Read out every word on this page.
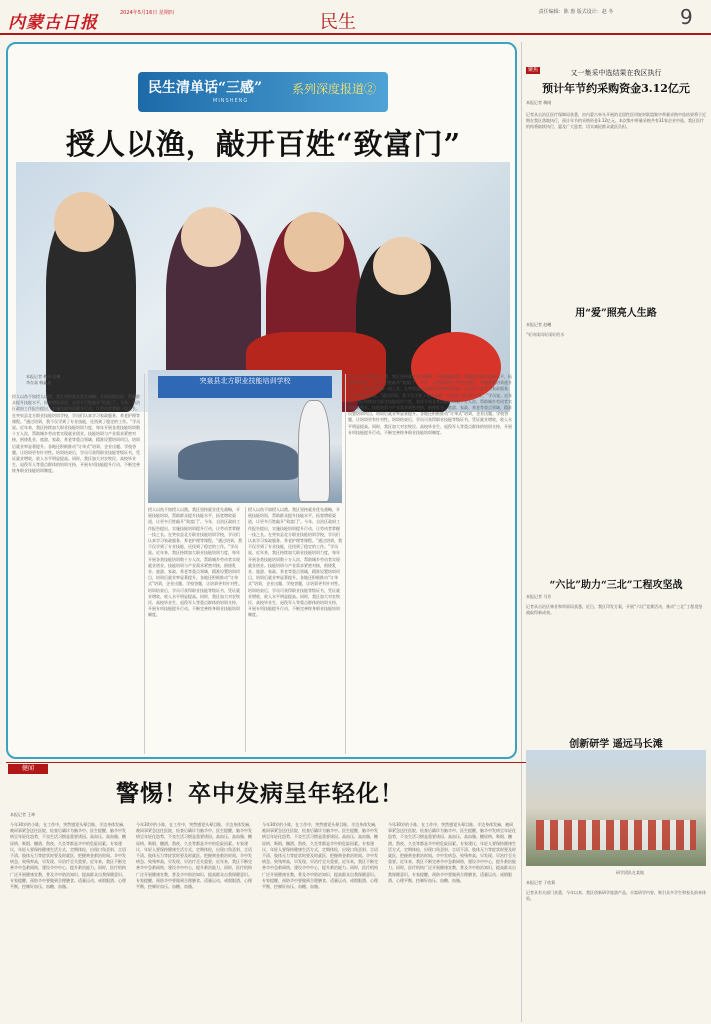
内蒙古日报	2024年5月16日 星期四	民生	责任编辑：陈 惠 版式设计：赵 冬	9
民生清单话“三感” 系列深度报道②
MINSHENG
授人以渔，敲开百姓“致富门”
本报记者 梅刚 赵曦
李存高 韩鑫鑫	突泉县北方职业技能培训学校
授人以鱼不如授人以渔。我区坚持就业优先战略，开展技能培训，帮助群众提升技能水平，拓宽增收渠道，让更多百姓敲开“致富门”。今年，自治区政府工作报告提出，实施技能培训提升行动，让劳动者掌握一技之长。在突泉县北方职业技能培训学校，学员们认真学习家政服务、养老护理等课程。“通过培训，我不仅学到了专业技能，还找到了稳定的工作。”学员说。近年来，我区持续加大职业技能培训力度，每年开展各类技能培训数十万人次，帮助城乡劳动者实现就业创业。技能培训与产业需求紧密对接，围绕乳业、旅游、家政、养老等重点领域，精准设置培训项目，培训后就业率显著提升。各地还积极推动“订单式”培训，企业出题、学校答题，让培训更有针对性。培训结束后，学员可获得职业技能等级证书，凭证就业增收，收入水平明显提高。同时，我区加大对农牧民、高校毕业生、退役军人等重点群体的培训支持，开展专项技能提升行动，不断完善终身职业技能培训制度。
授人以鱼不如授人以渔。我区坚持就业优先战略，开展技能培训，帮助群众提升技能水平，拓宽增收渠道，让更多百姓敲开“致富门”。今年，自治区政府工作报告提出，实施技能培训提升行动，让劳动者掌握一技之长。在突泉县北方职业技能培训学校，学员们认真学习家政服务、养老护理等课程。“通过培训，我不仅学到了专业技能，还找到了稳定的工作。”学员说。近年来，我区持续加大职业技能培训力度，每年开展各类技能培训数十万人次，帮助城乡劳动者实现就业创业。技能培训与产业需求紧密对接，围绕乳业、旅游、家政、养老等重点领域，精准设置培训项目，培训后就业率显著提升。各地还积极推动“订单式”培训，企业出题、学校答题，让培训更有针对性。培训结束后，学员可获得职业技能等级证书，凭证就业增收，收入水平明显提高。同时，我区加大对农牧民、高校毕业生、退役军人等重点群体的培训支持，开展专项技能提升行动，不断完善终身职业技能培训制度。
授人以鱼不如授人以渔。我区坚持就业优先战略，开展技能培训，帮助群众提升技能水平，拓宽增收渠道，让更多百姓敲开“致富门”。今年，自治区政府工作报告提出，实施技能培训提升行动，让劳动者掌握一技之长。在突泉县北方职业技能培训学校，学员们认真学习家政服务、养老护理等课程。“通过培训，我不仅学到了专业技能，还找到了稳定的工作。”学员说。近年来，我区持续加大职业技能培训力度，每年开展各类技能培训数十万人次，帮助城乡劳动者实现就业创业。技能培训与产业需求紧密对接，围绕乳业、旅游、家政、养老等重点领域，精准设置培训项目，培训后就业率显著提升。各地还积极推动“订单式”培训，企业出题、学校答题，让培训更有针对性。培训结束后，学员可获得职业技能等级证书，凭证就业增收，收入水平明显提高。同时，我区加大对农牧民、高校毕业生、退役军人等重点群体的培训支持，开展专项技能提升行动，不断完善终身职业技能培训制度。
授人以鱼不如授人以渔。我区坚持就业优先战略，开展技能培训，帮助群众提升技能水平，拓宽增收渠道，让更多百姓敲开“致富门”。今年，自治区政府工作报告提出，实施技能培训提升行动，让劳动者掌握一技之长。在突泉县北方职业技能培训学校，学员们认真学习家政服务、养老护理等课程。“通过培训，我不仅学到了专业技能，还找到了稳定的工作。”学员说。近年来，我区持续加大职业技能培训力度，每年开展各类技能培训数十万人次，帮助城乡劳动者实现就业创业。技能培训与产业需求紧密对接，围绕乳业、旅游、家政、养老等重点领域，精准设置培训项目，培训后就业率显著提升。各地还积极推动“订单式”培训，企业出题、学校答题，让培训更有针对性。培训结束后，学员可获得职业技能等级证书，凭证就业增收，收入水平明显提高。同时，我区加大对农牧民、高校毕业生、退役军人等重点群体的培训支持，开展专项技能提升行动，不断完善终身职业技能培训制度。
聚焦	又一集采中选结果在我区执行
预计年节约采购资金3.12亿元
本报记者 梅刚
记者从自治区医疗保障局获悉，由内蒙古牵头开展的全国性医用耗材联盟集中带量采购中选结果将于近期在我区落地执行，预计年节约采购资金3.12亿元。本次集中带量采购共有31家企业中选，我区医疗机构将陆续执行，惠及广大患者，切实减轻群众就医负担。
用“爱”照亮人生路
本报记者 赵曦
“好诗读风好雨好的水
“六比”助力“三北”工程攻坚战
本报记者 马芳
记者从自治区林业和草原局获悉，近日，我区印发方案，开展“六比”竞赛活动，推动“三北”工程攻坚战取得新成效。
创新研学 遥远马长滩
研学团队在某地
本报记者 于欣莉
记者从有关部门获悉，今年以来，我区创新研学旅游产品，丰富研学内容，吸引众多学生和家长前来体验。
健闻
警惕！卒中发病呈年轻化！
本报记者 王坤
今年30岁的小陈，在工作中，突然感觉头晕目眩、半边身体发麻，被同事紧急送往医院，检查后确诊为脑卒中。医生提醒，脑卒中发病呈年轻化趋势，不良生活习惯是重要诱因。高血压、高血脂、糖尿病、吸烟、酗酒、熬夜、久坐等都是卒中的危险因素。专家建议，年轻人要保持健康生活方式，定期体检，出现口角歪斜、言语不清、肢体无力等症状时要及时就医，把握黄金救治时间。卒中发病急、致残率高，早发现、早治疗至关重要。近年来，我区不断完善卒中急救网络，建设卒中中心，提升救治能力。同时，医疗机构广泛开展健康宣教，普及卒中防治知识，提高群众自我保健意识。专家提醒，预防卒中要做到合理膳食、适量运动、戒烟限酒、心理平衡，控制好血压、血糖、血脂。
今年30岁的小陈，在工作中，突然感觉头晕目眩、半边身体发麻，被同事紧急送往医院，检查后确诊为脑卒中。医生提醒，脑卒中发病呈年轻化趋势，不良生活习惯是重要诱因。高血压、高血脂、糖尿病、吸烟、酗酒、熬夜、久坐等都是卒中的危险因素。专家建议，年轻人要保持健康生活方式，定期体检，出现口角歪斜、言语不清、肢体无力等症状时要及时就医，把握黄金救治时间。卒中发病急、致残率高，早发现、早治疗至关重要。近年来，我区不断完善卒中急救网络，建设卒中中心，提升救治能力。同时，医疗机构广泛开展健康宣教，普及卒中防治知识，提高群众自我保健意识。专家提醒，预防卒中要做到合理膳食、适量运动、戒烟限酒、心理平衡，控制好血压、血糖、血脂。
今年30岁的小陈，在工作中，突然感觉头晕目眩、半边身体发麻，被同事紧急送往医院，检查后确诊为脑卒中。医生提醒，脑卒中发病呈年轻化趋势，不良生活习惯是重要诱因。高血压、高血脂、糖尿病、吸烟、酗酒、熬夜、久坐等都是卒中的危险因素。专家建议，年轻人要保持健康生活方式，定期体检，出现口角歪斜、言语不清、肢体无力等症状时要及时就医，把握黄金救治时间。卒中发病急、致残率高，早发现、早治疗至关重要。近年来，我区不断完善卒中急救网络，建设卒中中心，提升救治能力。同时，医疗机构广泛开展健康宣教，普及卒中防治知识，提高群众自我保健意识。专家提醒，预防卒中要做到合理膳食、适量运动、戒烟限酒、心理平衡，控制好血压、血糖、血脂。
今年30岁的小陈，在工作中，突然感觉头晕目眩、半边身体发麻，被同事紧急送往医院，检查后确诊为脑卒中。医生提醒，脑卒中发病呈年轻化趋势，不良生活习惯是重要诱因。高血压、高血脂、糖尿病、吸烟、酗酒、熬夜、久坐等都是卒中的危险因素。专家建议，年轻人要保持健康生活方式，定期体检，出现口角歪斜、言语不清、肢体无力等症状时要及时就医，把握黄金救治时间。卒中发病急、致残率高，早发现、早治疗至关重要。近年来，我区不断完善卒中急救网络，建设卒中中心，提升救治能力。同时，医疗机构广泛开展健康宣教，普及卒中防治知识，提高群众自我保健意识。专家提醒，预防卒中要做到合理膳食、适量运动、戒烟限酒、心理平衡，控制好血压、血糖、血脂。
